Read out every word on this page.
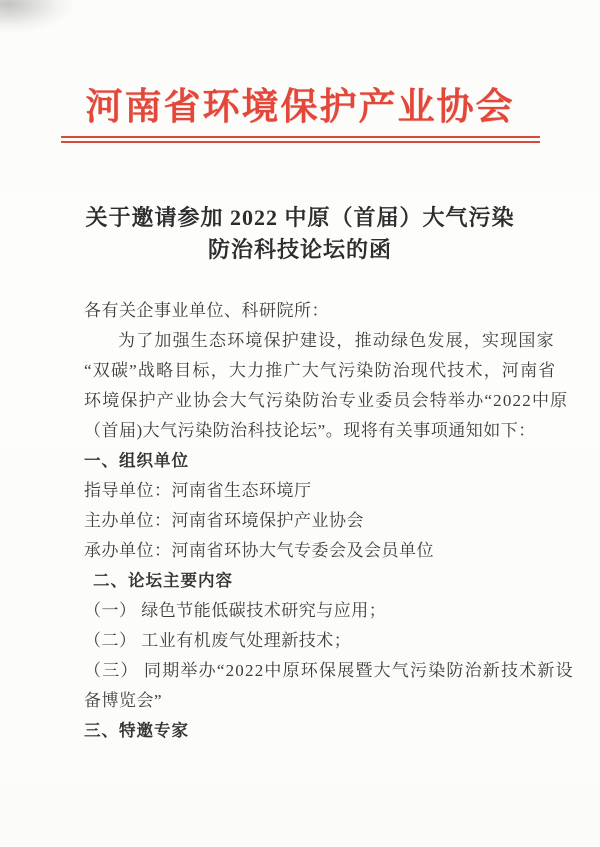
河南省环境保护产业协会
关于邀请参加 2022 中原（首届）大气污染
防治科技论坛的函
各有关企事业单位、科研院所：
为了加强生态环境保护建设，推动绿色发展，实现国家
“双碳”战略目标，大力推广大气污染防治现代技术，河南省
环境保护产业协会大气污染防治专业委员会特举办“2022中原
（首届)大气污染防治科技论坛”。现将有关事项通知如下：
一、组织单位
指导单位：河南省生态环境厅
主办单位：河南省环境保护产业协会
承办单位：河南省环协大气专委会及会员单位
二、论坛主要内容
（一） 绿色节能低碳技术研究与应用；
（二） 工业有机废气处理新技术；
（三） 同期举办“2022中原环保展暨大气污染防治新技术新设
备博览会”
三、特邀专家
